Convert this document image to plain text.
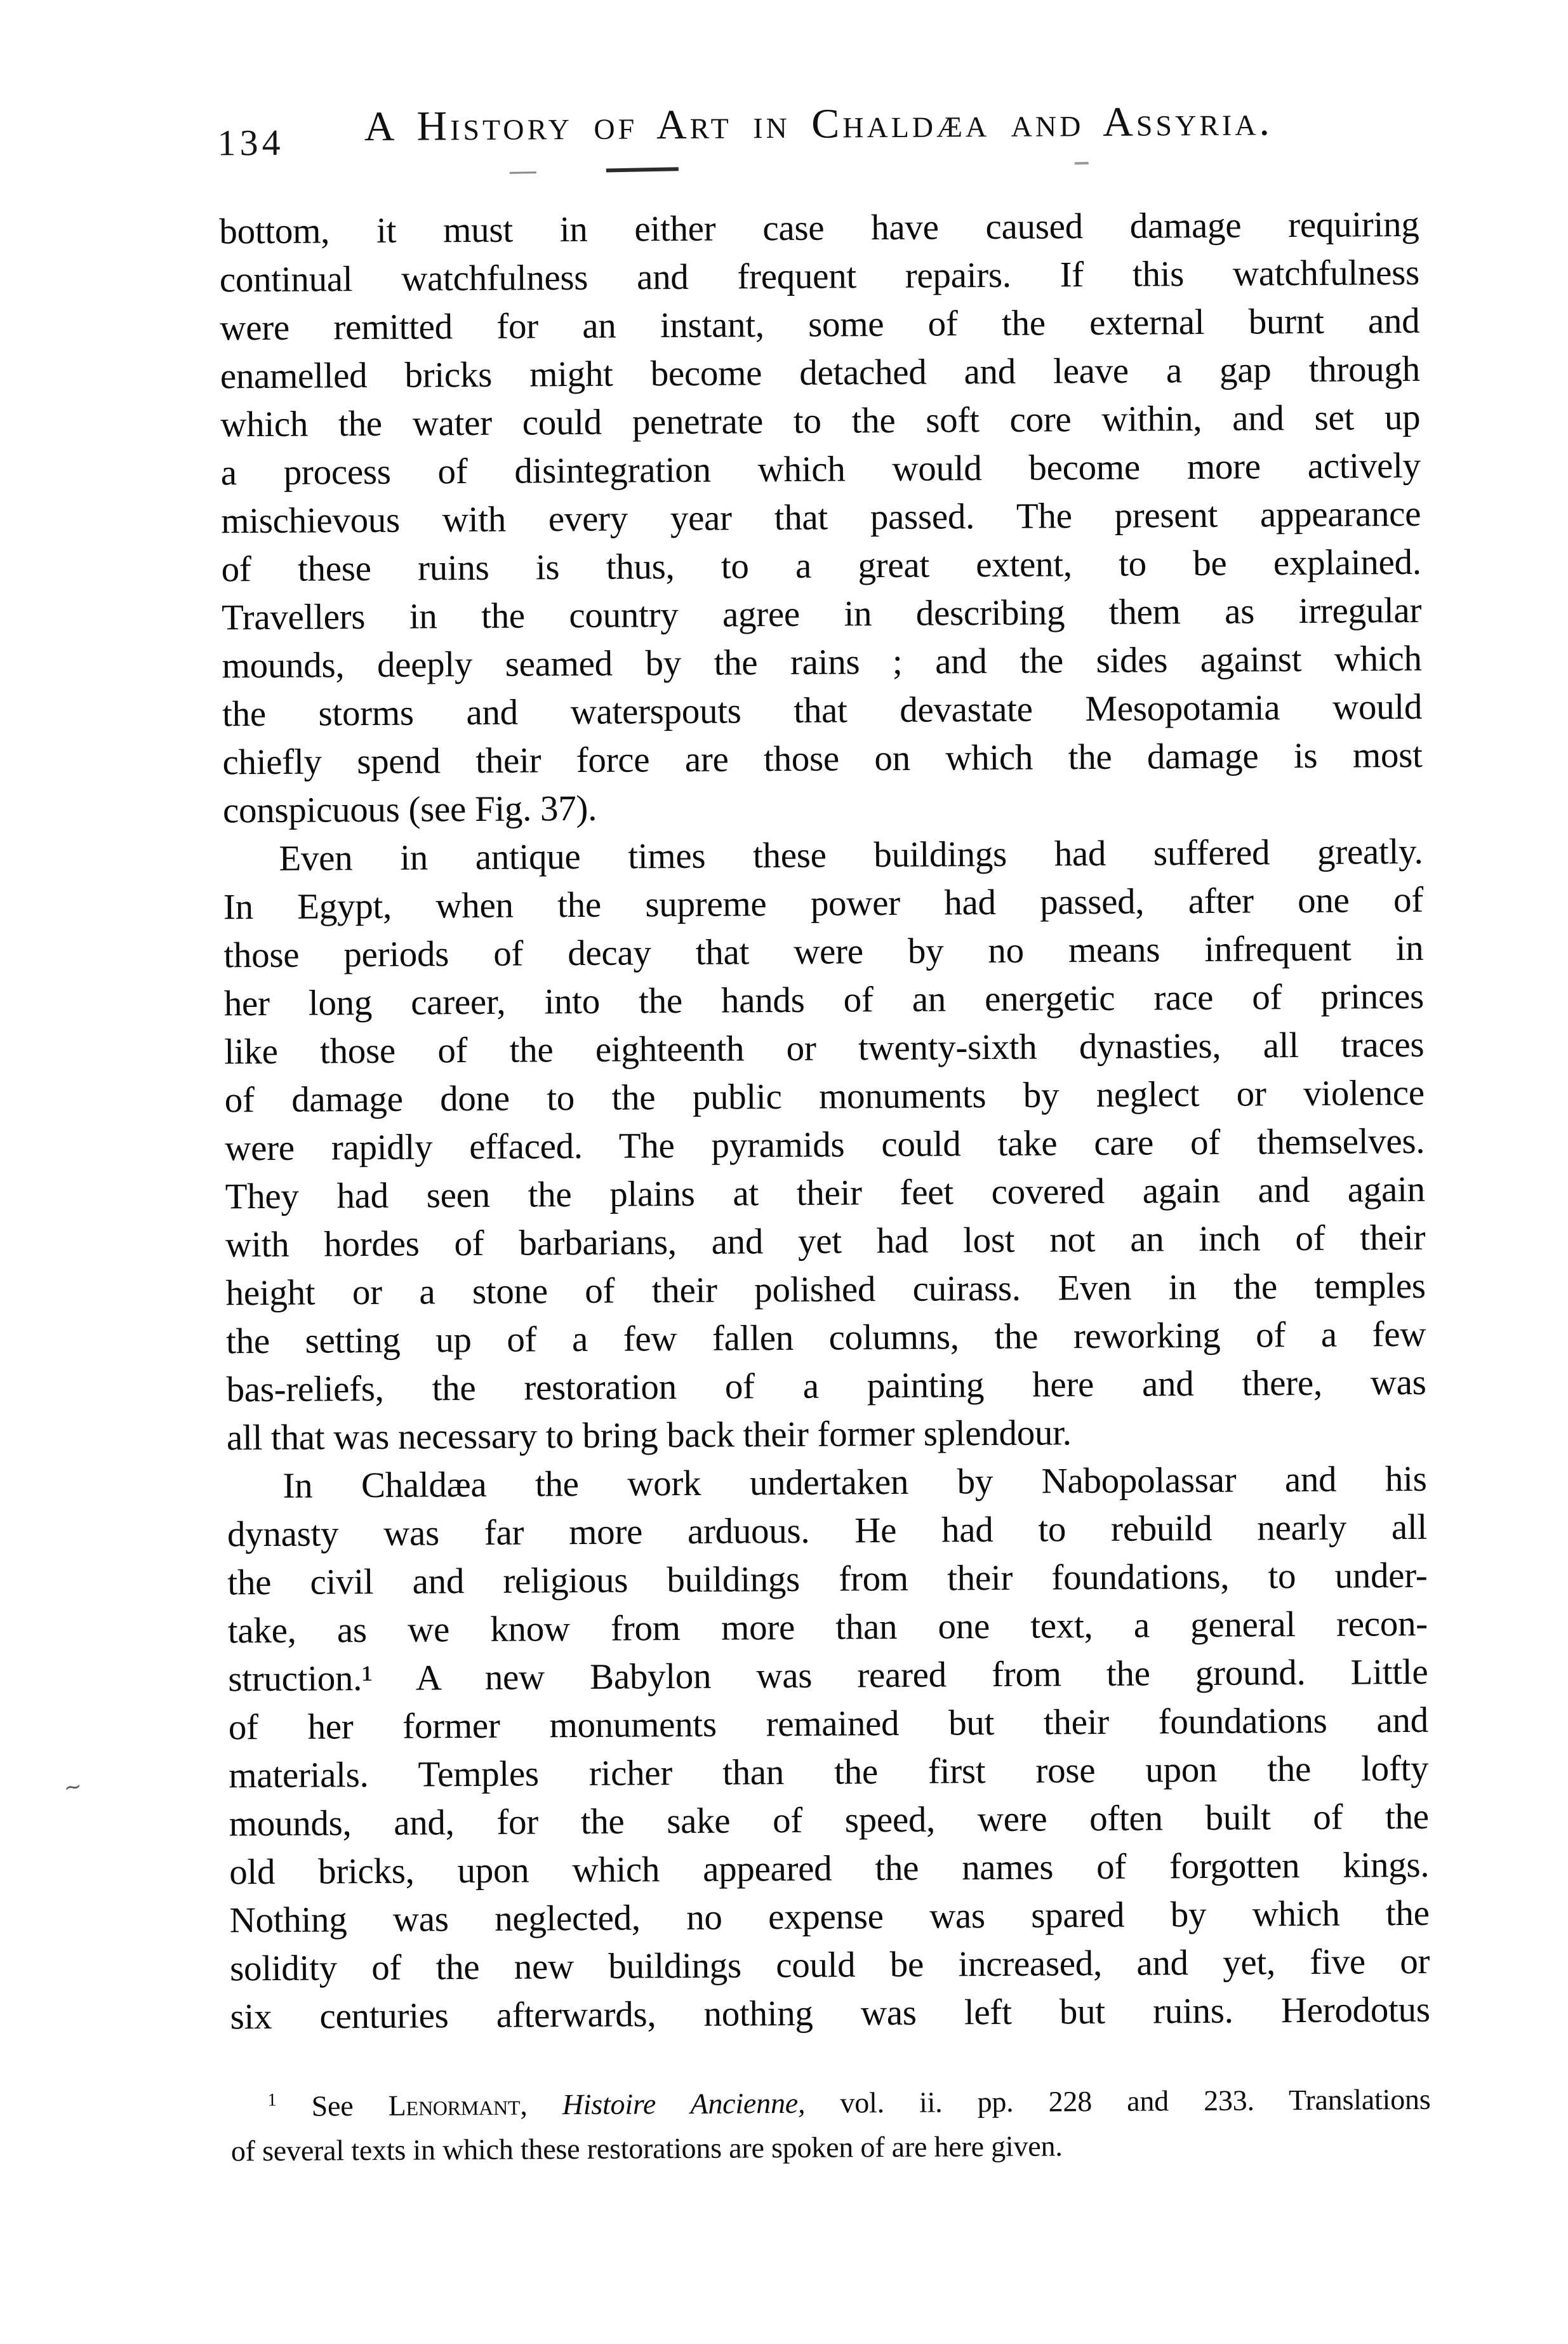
134	A History of Art in Chaldæa and Assyria.
∼
bottom, it must in either case have caused damage requiring
continual watchfulness and frequent repairs. If this watchfulness
were remitted for an instant, some of the external burnt and
enamelled bricks might become detached and leave a gap through
which the water could penetrate to the soft core within, and set up
a process of disintegration which would become more actively
mischievous with every year that passed. The present appearance
of these ruins is thus, to a great extent, to be explained.
Travellers in the country agree in describing them as irregular
mounds, deeply seamed by the rains ; and the sides against which
the storms and waterspouts that devastate Mesopotamia would
chiefly spend their force are those on which the damage is most
conspicuous (see Fig. 37).
Even in antique times these buildings had suffered greatly.
In Egypt, when the supreme power had passed, after one of
those periods of decay that were by no means infrequent in
her long career, into the hands of an energetic race of princes
like those of the eighteenth or twenty-sixth dynasties, all traces
of damage done to the public monuments by neglect or violence
were rapidly effaced. The pyramids could take care of themselves.
They had seen the plains at their feet covered again and again
with hordes of barbarians, and yet had lost not an inch of their
height or a stone of their polished cuirass. Even in the temples
the setting up of a few fallen columns, the reworking of a few
bas-reliefs, the restoration of a painting here and there, was
all that was necessary to bring back their former splendour.
In Chaldæa the work undertaken by Nabopolassar and his
dynasty was far more arduous. He had to rebuild nearly all
the civil and religious buildings from their foundations, to under-
take, as we know from more than one text, a general recon-
struction.¹ A new Babylon was reared from the ground. Little
of her former monuments remained but their foundations and
materials. Temples richer than the first rose upon the lofty
mounds, and, for the sake of speed, were often built of the
old bricks, upon which appeared the names of forgotten kings.
Nothing was neglected, no expense was spared by which the
solidity of the new buildings could be increased, and yet, five or
six centuries afterwards, nothing was left but ruins. Herodotus
$^1$ See Lenormant, Histoire Ancienne, vol. ii. pp. 228 and 233. Translations
of several texts in which these restorations are spoken of are here given.
